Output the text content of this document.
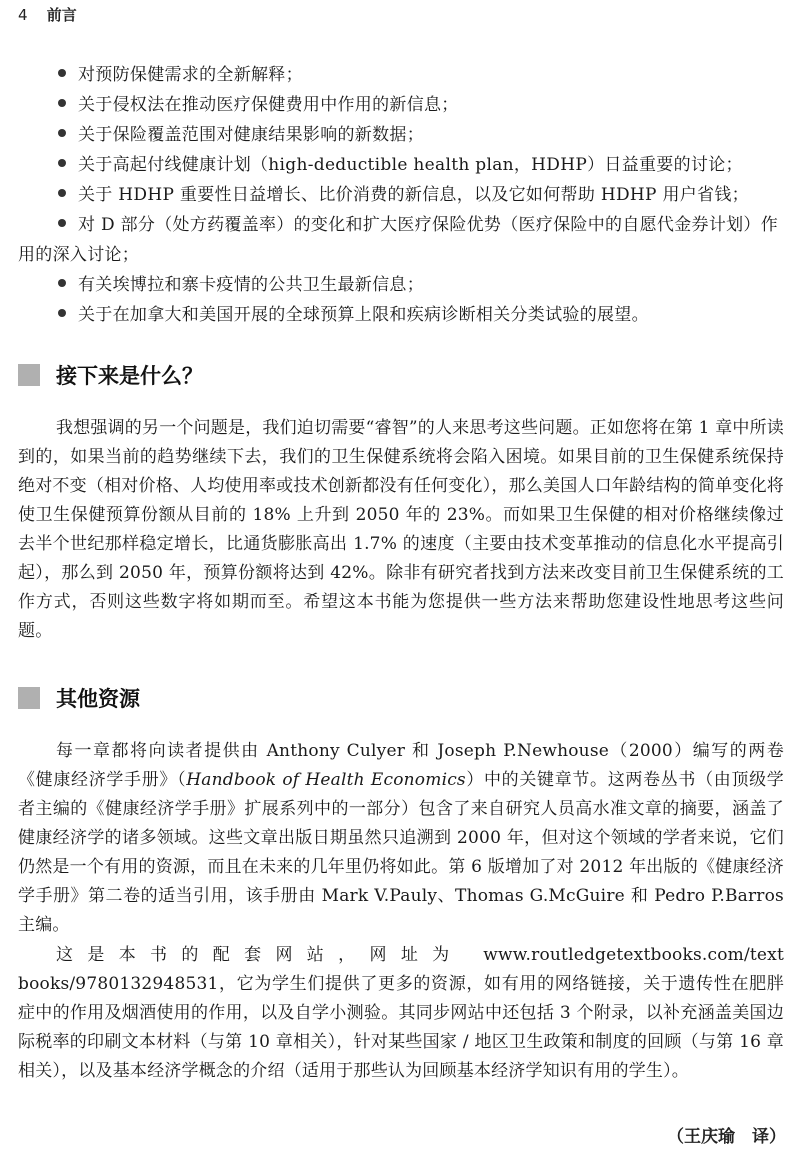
4 前言
对预防保健需求的全新解释；
关于侵权法在推动医疗保健费用中作用的新信息；
关于保险覆盖范围对健康结果影响的新数据；
关于高起付线健康计划（high-deductible health plan，HDHP）日益重要的讨论；
关于 HDHP 重要性日益增长、比价消费的新信息，以及它如何帮助 HDHP 用户省钱；
对 D 部分（处方药覆盖率）的变化和扩大医疗保险优势（医疗保险中的自愿代金券计划）作用的深入讨论；
有关埃博拉和寨卡疫情的公共卫生最新信息；
关于在加拿大和美国开展的全球预算上限和疾病诊断相关分类试验的展望。
接下来是什么？
我想强调的另一个问题是，我们迫切需要“睿智”的人来思考这些问题。正如您将在第 1 章中所读到的，如果当前的趋势继续下去，我们的卫生保健系统将会陷入困境。如果目前的卫生保健系统保持绝对不变（相对价格、人均使用率或技术创新都没有任何变化），那么美国人口年龄结构的简单变化将使卫生保健预算份额从目前的 18% 上升到 2050 年的 23%。而如果卫生保健的相对价格继续像过去半个世纪那样稳定增长，比通货膨胀高出 1.7% 的速度（主要由技术变革推动的信息化水平提高引起），那么到 2050 年，预算份额将达到 42%。除非有研究者找到方法来改变目前卫生保健系统的工作方式，否则这些数字将如期而至。希望这本书能为您提供一些方法来帮助您建设性地思考这些问题。
其他资源
每一章都将向读者提供由 Anthony Culyer 和 Joseph P.Newhouse（2000）编写的两卷《健康经济学手册》（Handbook of Health Economics）中的关键章节。这两卷丛书（由顶级学者主编的《健康经济学手册》扩展系列中的一部分）包含了来自研究人员高水准文章的摘要，涵盖了健康经济学的诸多领域。这些文章出版日期虽然只追溯到 2000 年，但对这个领域的学者来说，它们仍然是一个有用的资源，而且在未来的几年里仍将如此。第 6 版增加了对 2012 年出版的《健康经济学手册》第二卷的适当引用，该手册由 Mark V.Pauly、Thomas G.McGuire 和 Pedro P.Barros 主编。
这是本书的配套网站，网址为 www.routledgetextbooks.com/text books/9780132948531，它为学生们提供了更多的资源，如有用的网络链接，关于遗传性在肥胖症中的作用及烟酒使用的作用，以及自学小测验。其同步网站中还包括 3 个附录，以补充涵盖美国边际税率的印刷文本材料（与第 10 章相关），针对某些国家 / 地区卫生政策和制度的回顾（与第 16 章相关），以及基本经济学概念的介绍（适用于那些认为回顾基本经济学知识有用的学生）。
（王庆瑜　译）
